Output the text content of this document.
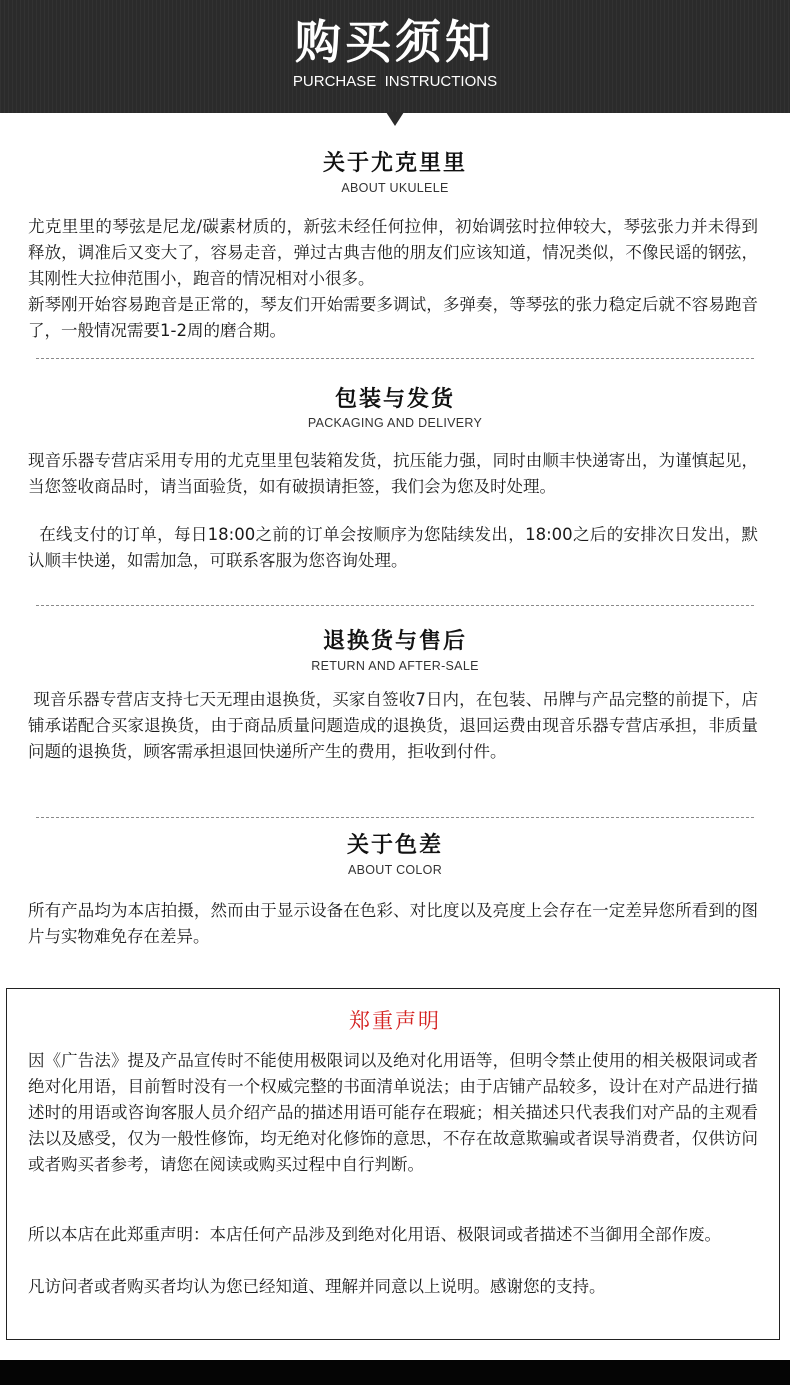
购买须知
PURCHASE  INSTRUCTIONS
关于尤克里里
ABOUT UKULELE

尤克里里的琴弦是尼龙/碳素材质的，新弦未经任何拉伸，初始调弦时拉伸较大，琴弦张力并未得到释放，调准后又变大了，容易走音，弹过古典吉他的朋友们应该知道，情况类似，不像民谣的钢弦，其刚性大拉伸范围小，跑音的情况相对小很多。

新琴刚开始容易跑音是正常的，琴友们开始需要多调试，多弹奏，等琴弦的张力稳定后就不容易跑音了，一般情况需要1-2周的磨合期。

包装与发货
PACKAGING AND DELIVERY

现音乐器专营店采用专用的尤克里里包装箱发货，抗压能力强，同时由顺丰快递寄出，为谨慎起见，当您签收商品时，请当面验货，如有破损请拒签，我们会为您及时处理。

在线支付的订单，每日18:00之前的订单会按顺序为您陆续发出，18:00之后的安排次日发出，默认顺丰快递，如需加急，可联系客服为您咨询处理。

退换货与售后
RETURN AND AFTER-SALE

现音乐器专营店支持七天无理由退换货，买家自签收7日内，在包装、吊牌与产品完整的前提下，店铺承诺配合买家退换货，由于商品质量问题造成的退换货，退回运费由现音乐器专营店承担，非质量问题的退换货，顾客需承担退回快递所产生的费用，拒收到付件。

关于色差
ABOUT COLOR

所有产品均为本店拍摄，然而由于显示设备在色彩、对比度以及亮度上会存在一定差异您所看到的图片与实物难免存在差异。

郑重声明

因《广告法》提及产品宣传时不能使用极限词以及绝对化用语等，但明令禁止使用的相关极限词或者绝对化用语，目前暂时没有一个权威完整的书面清单说法；由于店铺产品较多，设计在对产品进行描述时的用语或咨询客服人员介绍产品的描述用语可能存在瑕疵；相关描述只代表我们对产品的主观看法以及感受，仅为一般性修饰，均无绝对化修饰的意思，不存在故意欺骗或者误导消费者，仅供访问或者购买者参考，请您在阅读或购买过程中自行判断。

所以本店在此郑重声明：本店任何产品涉及到绝对化用语、极限词或者描述不当御用全部作废。

凡访问者或者购买者均认为您已经知道、理解并同意以上说明。感谢您的支持。
